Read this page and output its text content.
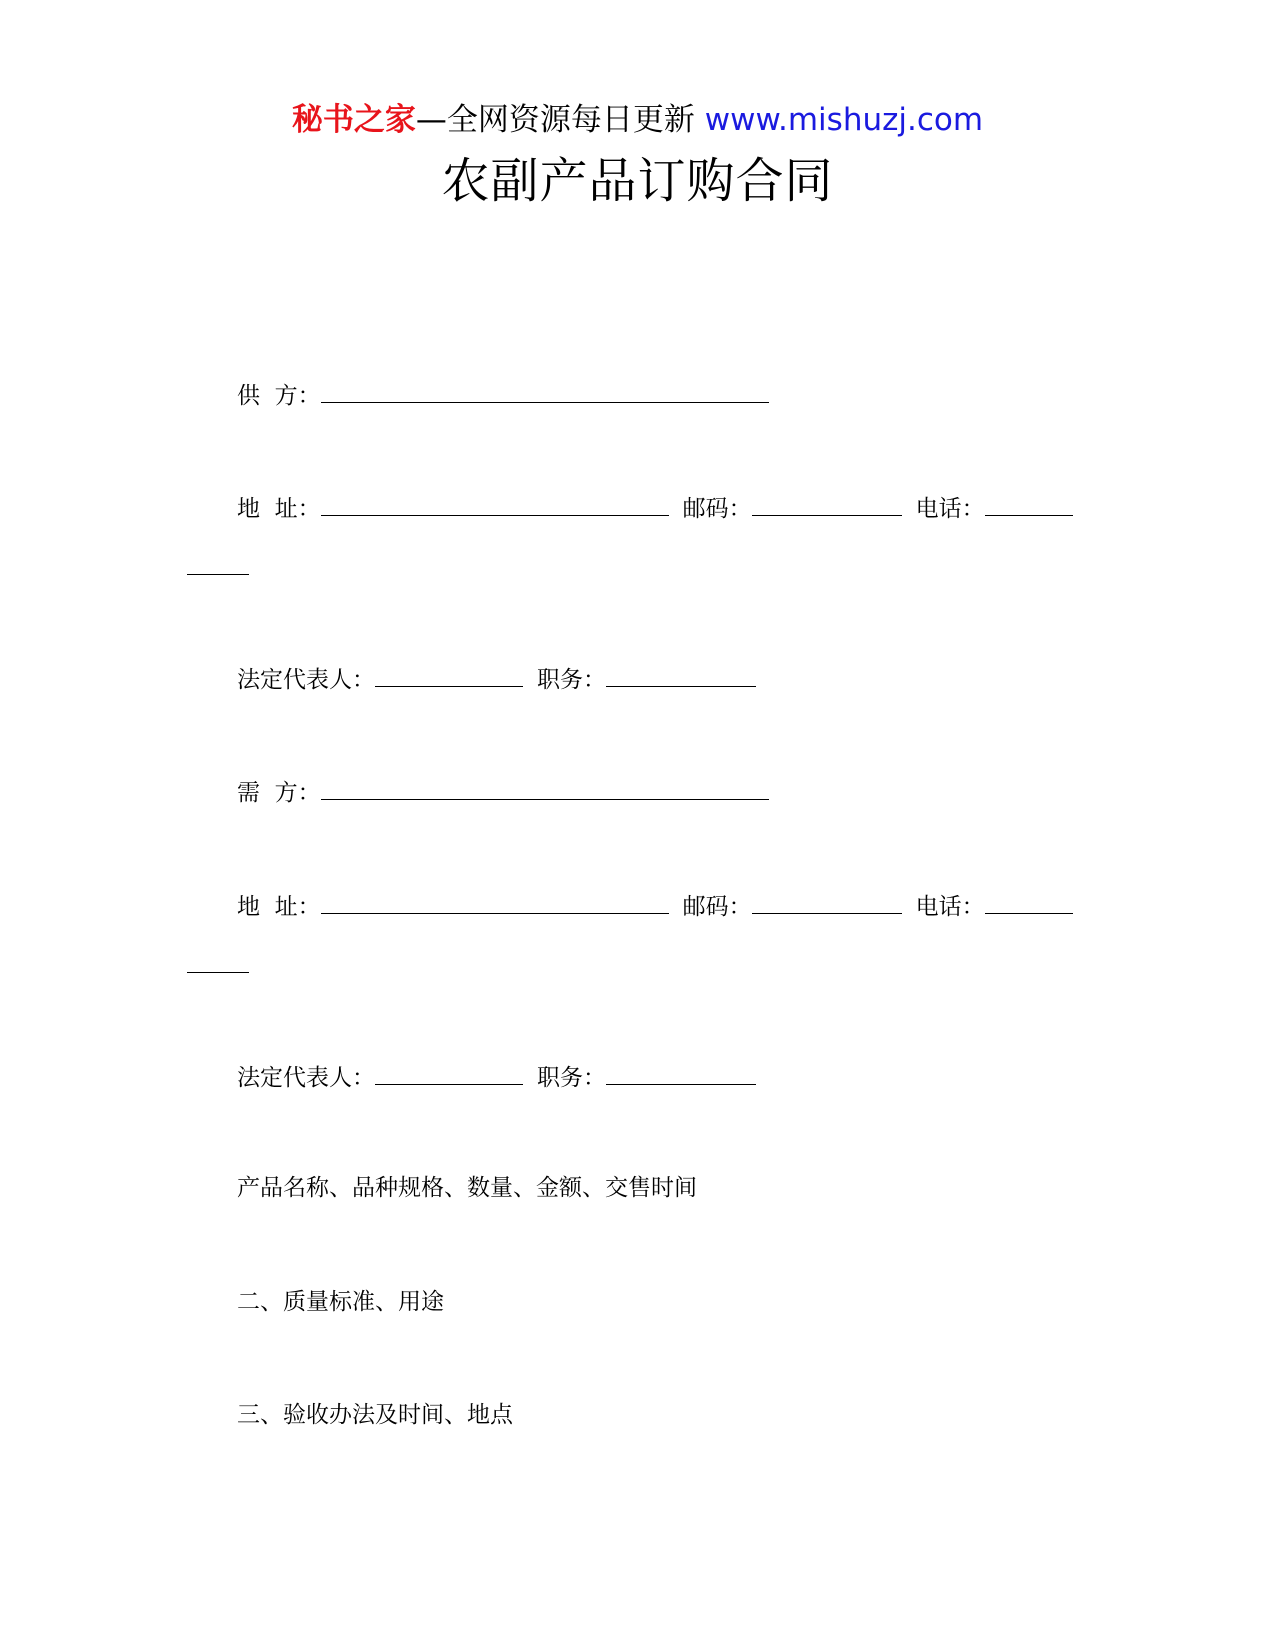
秘书之家—全网资源每日更新 www.mishuzj.com
农副产品订购合同
供  方：
地  址：	邮码：	电话：
法定代表人：	职务：
需  方：
地  址：	邮码：	电话：
法定代表人：	职务：
产品名称、品种规格、数量、金额、交售时间
二、质量标准、用途
三、验收办法及时间、地点
